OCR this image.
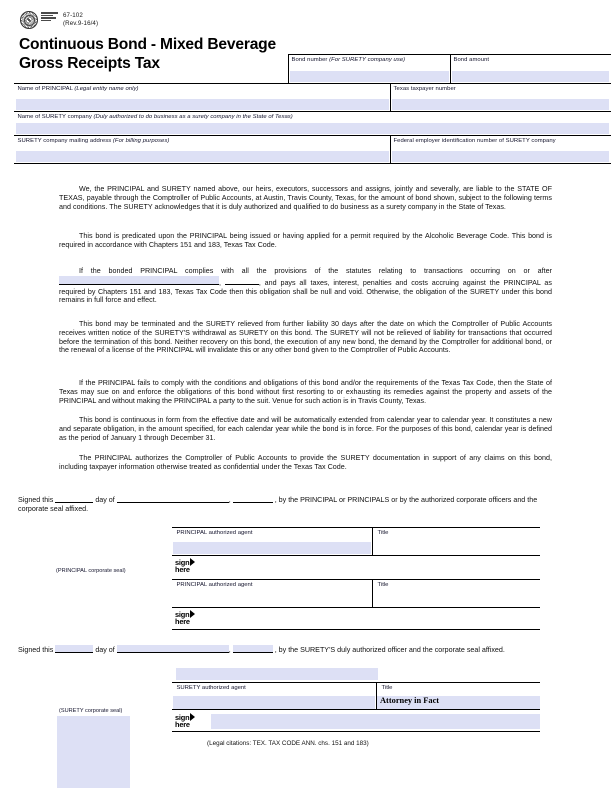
67-102
(Rev.9-16/4)
Continuous Bond - Mixed Beverage
Gross Receipts Tax	Bond number (For SURETY company use)	Bond amount
Name of PRINCIPAL (Legal entity name only)	Texas taxpayer number
Name of SURETY company (Duly authorized to do business as a surety company in the State of Texas)
SURETY company mailing address (For billing purposes)	Federal employer identification number of SURETY company
We, the PRINCIPAL and SURETY named above, our heirs, executors, successors and assigns, jointly and severally, are liable to the STATE OF TEXAS, payable through the Comptroller of Public Accounts, at Austin, Travis County, Texas, for the amount of bond shown, subject to the following terms and conditions. The SURETY acknowledges that it is duly authorized and qualified to do business as a surety company in the State of Texas.
This bond is predicated upon the PRINCIPAL being issued or having applied for a permit required by the Alcoholic Beverage Code. This bond is required in accordance with Chapters 151 and 183, Texas Tax Code.
If the bonded PRINCIPAL complies with all the provisions of the statutes relating to transactions occurring on or after ,	, and pays all taxes, interest, penalties and costs accruing against the PRINCIPAL as required by Chapters 151 and 183, Texas Tax Code then this obligation shall be null and void. Otherwise, the obligation of the SURETY under this bond remains in full force and effect.
This bond may be terminated and the SURETY relieved from further liability 30 days after the date on which the Comptroller of Public Accounts receives written notice of the SURETY'S withdrawal as SURETY on this bond. The SURETY will not be relieved of liability for transactions that occurred before the termination of this bond. Neither recovery on this bond, the execution of any new bond, the demand by the Comptroller for additional bond, or the renewal of a license of the PRINCIPAL will invalidate this or any other bond given to the Comptroller of Public Accounts.
If the PRINCIPAL fails to comply with the conditions and obligations of this bond and/or the requirements of the Texas Tax Code, then the State of Texas may sue on and enforce the obligations of this bond without first resorting to or exhausting its remedies against the property and assets of the PRINCIPAL and without making the PRINCIPAL a party to the suit. Venue for such action is in Travis County, Texas.
This bond is continuous in form from the effective date and will be automatically extended from calendar year to calendar year. It constitutes a new and separate obligation, in the amount specified, for each calendar year while the bond is in force. For the purposes of this bond, calendar year is defined as the period of January 1 through December 31.
The PRINCIPAL authorizes the Comptroller of Public Accounts to provide the SURETY documentation in support of any claims on this bond, including taxpayer information otherwise treated as confidential under the Texas Tax Code.
Signed this	day of	,	, by the PRINCIPAL or PRINCIPALS or by the authorized corporate officers and the
corporate seal affixed.
(PRINCIPAL corporate seal)
PRINCIPAL authorized agent	Title
sign
here
PRINCIPAL authorized agent	Title
sign
here
Signed this	day of	,	, by the SURETY'S duly authorized officer and the corporate seal affixed.
(SURETY corporate seal)
SURETY authorized agent	Title
Attorney in Fact
sign
here
(Legal citations: TEX. TAX CODE ANN. chs. 151 and 183)
